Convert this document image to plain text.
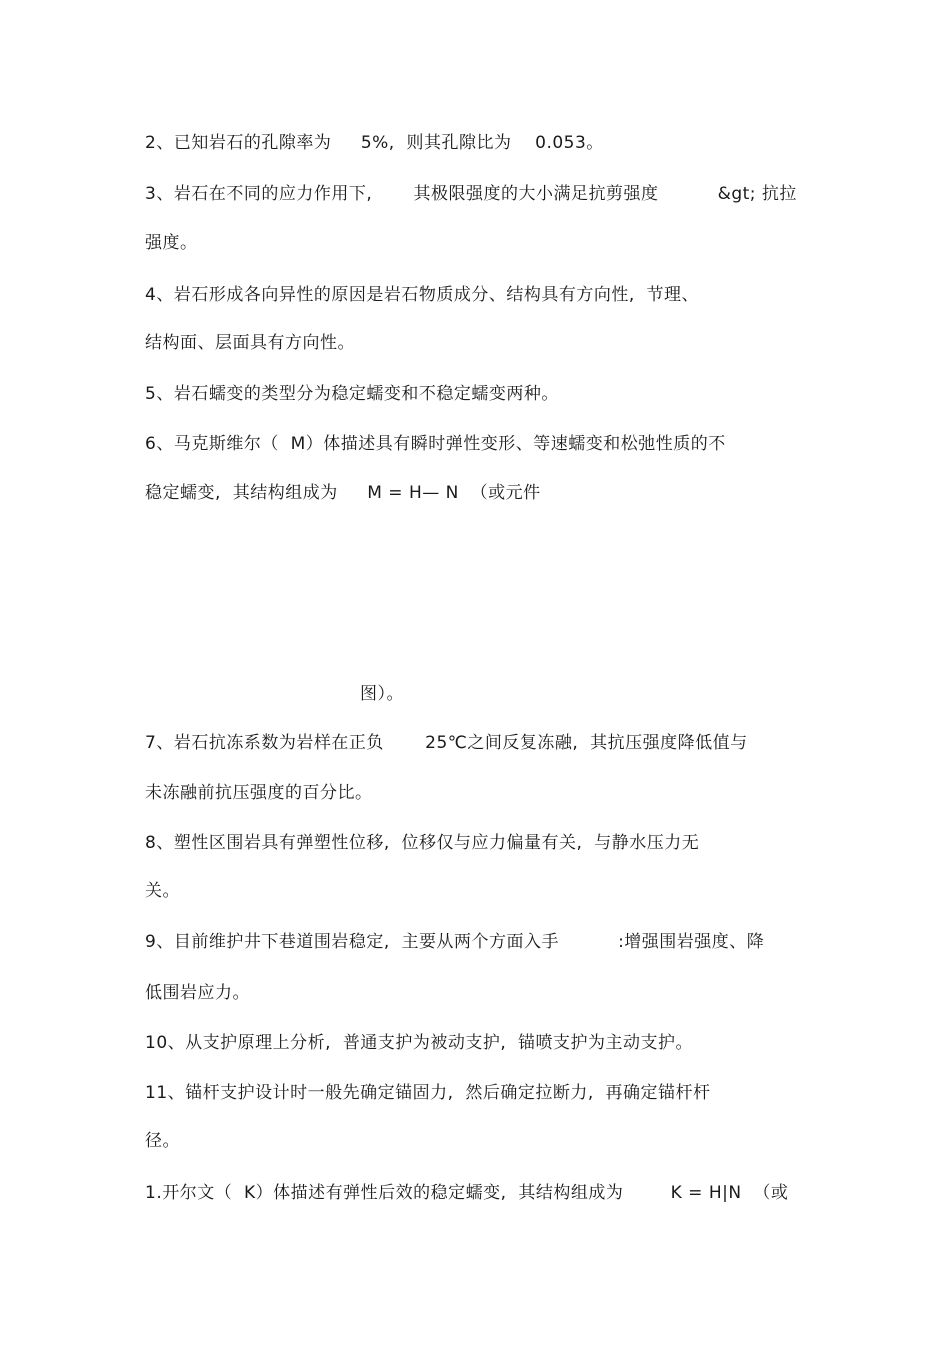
2、已知岩石的孔隙率为     5%,  则其孔隙比为    0.053。
3、岩石在不同的应力作用下,       其极限强度的大小满足抗剪强度          &gt; 抗拉
强度。
4、岩石形成各向异性的原因是岩石物质成分、结构具有方向性,  节理、
结构面、层面具有方向性。
5、岩石蠕变的类型分为稳定蠕变和不稳定蠕变两种。
6、马克斯维尔（  M）体描述具有瞬时弹性变形、等速蠕变和松弛性质的不
稳定蠕变,  其结构组成为     M = H— N  （或元件
图）。
7、岩石抗冻系数为岩样在正负       25℃之间反复冻融,  其抗压强度降低值与
未冻融前抗压强度的百分比。
8、塑性区围岩具有弹塑性位移,  位移仅与应力偏量有关,  与静水压力无
关。
9、目前维护井下巷道围岩稳定,  主要从两个方面入手          :增强围岩强度、降
低围岩应力。
10、从支护原理上分析,  普通支护为被动支护,  锚喷支护为主动支护。
11、锚杆支护设计时一般先确定锚固力,  然后确定拉断力,  再确定锚杆杆
径。
1.开尔文（  K）体描述有弹性后效的稳定蠕变,  其结构组成为        K = H|N  （或
